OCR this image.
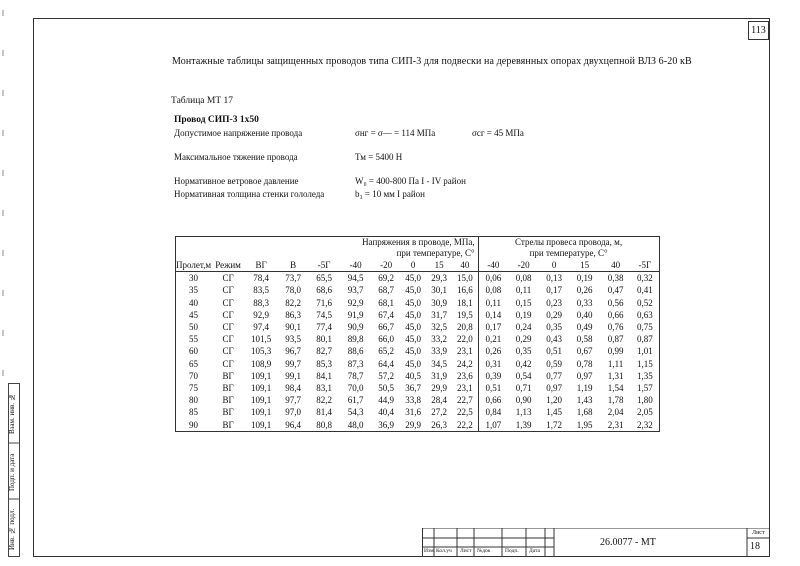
113
Монтажные таблицы защищенных проводов типа СИП-3 для подвески на деревянных опорах двухцепной ВЛЗ 6-20 кВ
Таблица МТ 17
Провод СИП-3 1х50
Допустимое напряжение провода	σнг = σ— = 114 МПа	σсг = 45 МПа
Максимальное тяжение провода	Тм = 5400 Н
Нормативное ветровое давление	W₀ = 400-800 Па I - IV район
Нормативная толщина стенки гололеда	b₃ = 10 мм I район
				Напряжения в проводе, МПа,
при температуре, С°						Стрелы провеса провода, м,
при температуре, С°					
Пролет,м	Режим	ВГ	В	-5Г	-40	-20	0	15	40	-40	-20	0	15	40	-5Г
30	СГ	78,4	73,7	65,5	94,5	69,2	45,0	29,3	15,0	0,06	0,08	0,13	0,19	0,38	0,32
35	СГ	83,5	78,0	68,6	93,7	68,7	45,0	30,1	16,6	0,08	0,11	0,17	0,26	0,47	0,41
40	СГ	88,3	82,2	71,6	92,9	68,1	45,0	30,9	18,1	0,11	0,15	0,23	0,33	0,56	0,52
45	СГ	92,9	86,3	74,5	91,9	67,4	45,0	31,7	19,5	0,14	0,19	0,29	0,40	0,66	0,63
50	СГ	97,4	90,1	77,4	90,9	66,7	45,0	32,5	20,8	0,17	0,24	0,35	0,49	0,76	0,75
55	СГ	101,5	93,5	80,1	89,8	66,0	45,0	33,2	22,0	0,21	0,29	0,43	0,58	0,87	0,87
60	СГ	105,3	96,7	82,7	88,6	65,2	45,0	33,9	23,1	0,26	0,35	0,51	0,67	0,99	1,01
65	СГ	108,9	99,7	85,3	87,3	64,4	45,0	34,5	24,2	0,31	0,42	0,59	0,78	1,11	1,15
70	ВГ	109,1	99,1	84,1	78,7	57,2	40,5	31,9	23,6	0,39	0,54	0,77	0,97	1,31	1,35
75	ВГ	109,1	98,4	83,1	70,0	50,5	36,7	29,9	23,1	0,51	0,71	0,97	1,19	1,54	1,57
80	ВГ	109,1	97,7	82,2	61,7	44,9	33,8	28,4	22,7	0,66	0,90	1,20	1,43	1,78	1,80
85	ВГ	109,1	97,0	81,4	54,3	40,4	31,6	27,2	22,5	0,84	1,13	1,45	1,68	2,04	2,05
90	ВГ	109,1	96,4	80,8	48,0	36,9	29,9	26,3	22,2	1,07	1,39	1,72	1,95	2,31	2,32
Взам. инв. №
Подп. и дата
Инв. № подл.
Изм. Кол.уч Лист №док	Подп. Дата
26.0077 - МТ
Лист
18
